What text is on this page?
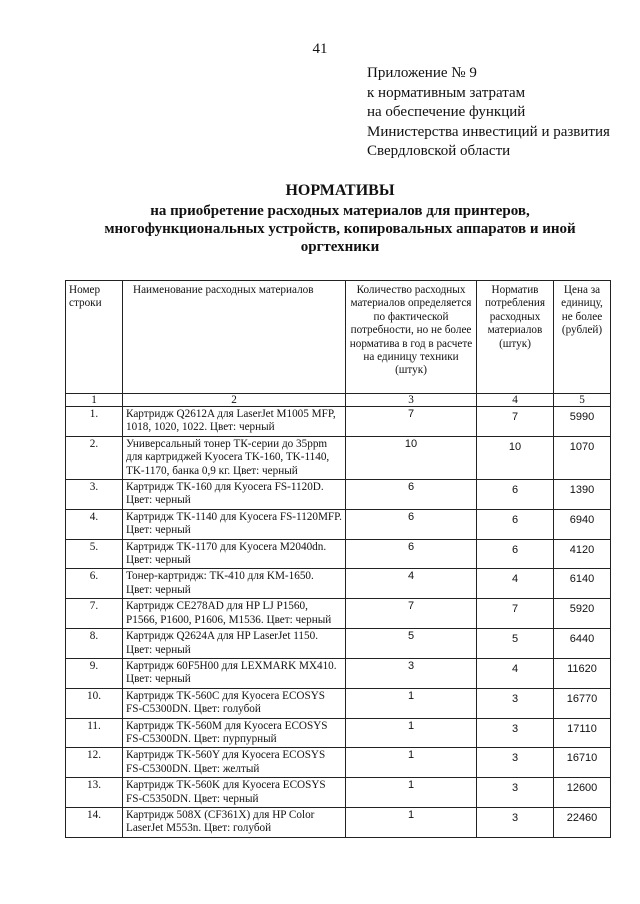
41
Приложение № 9
к нормативным затратам
на обеспечение функций
Министерства инвестиций и развития
Свердловской области
НОРМАТИВЫ
на приобретение расходных материалов для принтеров,
многофункциональных устройств, копировальных аппаратов и иной
оргтехники
Номер строки	Наименование расходных материалов	Количество расходных материалов определяется по фактической потребности, но не более норматива в год в расчете на единицу техники (штук)	Норматив потребления расходных материалов (штук)	Цена за единицу, не более (рублей)
1	2	3	4	5
1.	Картридж Q2612A для LaserJet M1005 MFP, 1018, 1020, 1022. Цвет: черный	7	7	5990
2.	Универсальный тонер ТК-серии до 35ppm для картриджей Kyocera TK-160, TK-1140, TK-1170, банка 0,9 кг. Цвет: черный	10	10	1070
3.	Картридж TK-160 для Kyocera FS-1120D. Цвет: черный	6	6	1390
4.	Картридж TK-1140 для Kyocera FS-1120MFP. Цвет: черный	6	6	6940
5.	Картридж TK-1170 для Kyocera M2040dn. Цвет: черный	6	6	4120
6.	Тонер-картридж: TK-410 для KM-1650. Цвет: черный	4	4	6140
7.	Картридж CE278AD для HP LJ P1560, P1566, P1600, P1606, M1536. Цвет: черный	7	7	5920
8.	Картридж Q2624A для HP LaserJet 1150. Цвет: черный	5	5	6440
9.	Картридж 60F5H00 для LEXMARK MX410. Цвет: черный	3	4	11620
10.	Картридж TK-560C для Kyocera ECOSYS FS-C5300DN. Цвет: голубой	1	3	16770
11.	Картридж TK-560M для Kyocera ECOSYS FS-C5300DN. Цвет: пурпурный	1	3	17110
12.	Картридж TK-560Y для Kyocera ECOSYS FS-C5300DN. Цвет: желтый	1	3	16710
13.	Картридж TK-560K для Kyocera ECOSYS FS-C5350DN. Цвет: черный	1	3	12600
14.	Картридж 508X (CF361X) для HP Color LaserJet M553n. Цвет: голубой	1	3	22460
